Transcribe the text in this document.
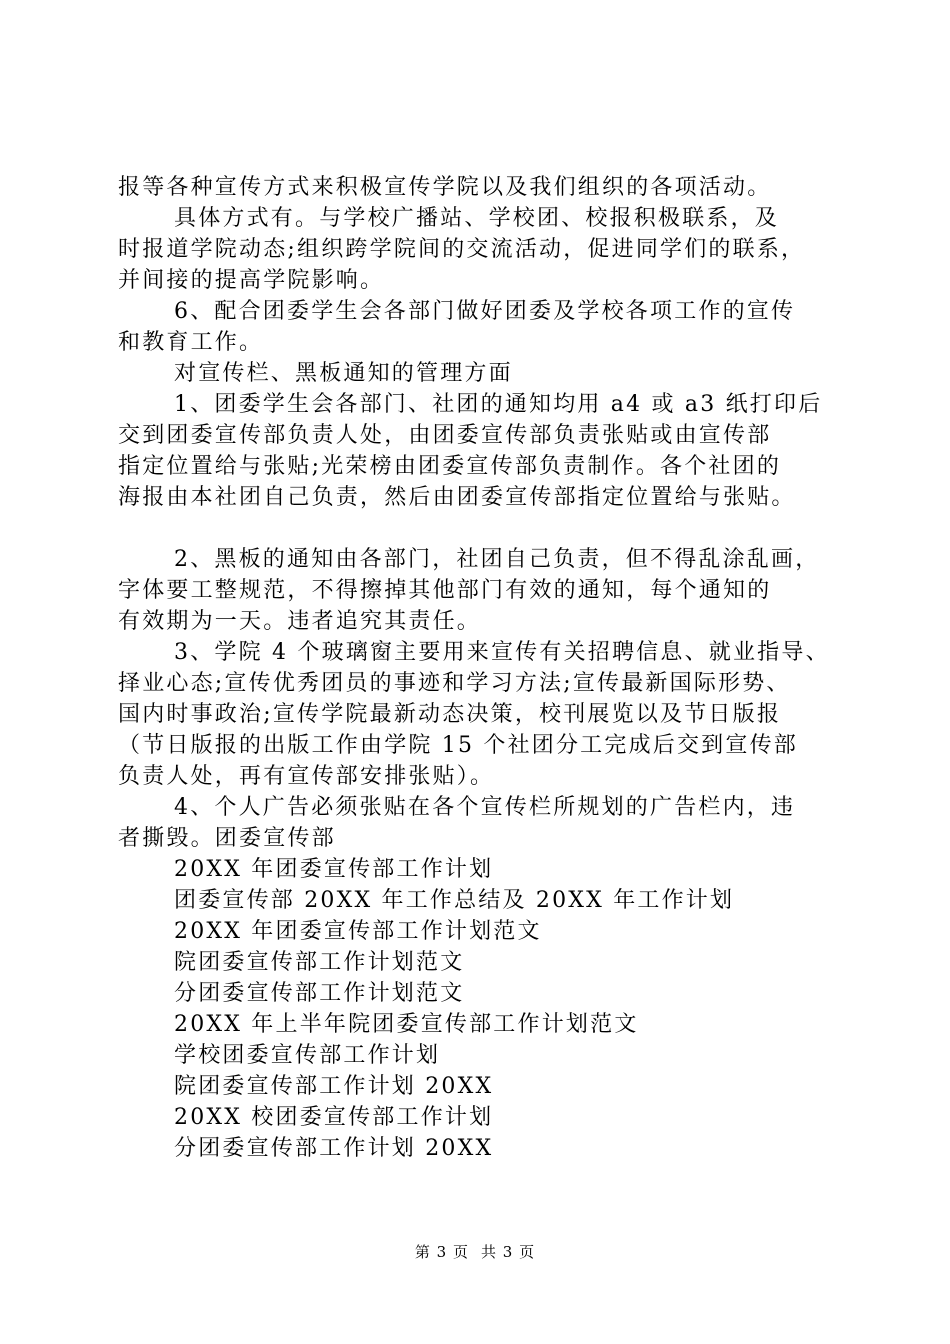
报等各种宣传方式来积极宣传学院以及我们组织的各项活动。
具体方式有。与学校广播站、学校团、校报积极联系，及
时报道学院动态;组织跨学院间的交流活动，促进同学们的联系，
并间接的提高学院影响。
6、配合团委学生会各部门做好团委及学校各项工作的宣传
和教育工作。
对宣传栏、黑板通知的管理方面
1、团委学生会各部门、社团的通知均用 a4 或 a3 纸打印后
交到团委宣传部负责人处，由团委宣传部负责张贴或由宣传部
指定位置给与张贴;光荣榜由团委宣传部负责制作。各个社团的
海报由本社团自己负责，然后由团委宣传部指定位置给与张贴。
2、黑板的通知由各部门，社团自己负责，但不得乱涂乱画，
字体要工整规范，不得擦掉其他部门有效的通知，每个通知的
有效期为一天。违者追究其责任。
3、学院 4 个玻璃窗主要用来宣传有关招聘信息、就业指导、
择业心态;宣传优秀团员的事迹和学习方法;宣传最新国际形势、
国内时事政治;宣传学院最新动态决策，校刊展览以及节日版报
（节日版报的出版工作由学院 15 个社团分工完成后交到宣传部
负责人处，再有宣传部安排张贴）。
4、个人广告必须张贴在各个宣传栏所规划的广告栏内，违
者撕毁。团委宣传部
20XX 年团委宣传部工作计划
团委宣传部 20XX 年工作总结及 20XX 年工作计划
20XX 年团委宣传部工作计划范文
院团委宣传部工作计划范文
分团委宣传部工作计划范文
20XX 年上半年院团委宣传部工作计划范文
学校团委宣传部工作计划
院团委宣传部工作计划 20XX
20XX 校团委宣传部工作计划
分团委宣传部工作计划 20XX
第 3 页 共 3 页
